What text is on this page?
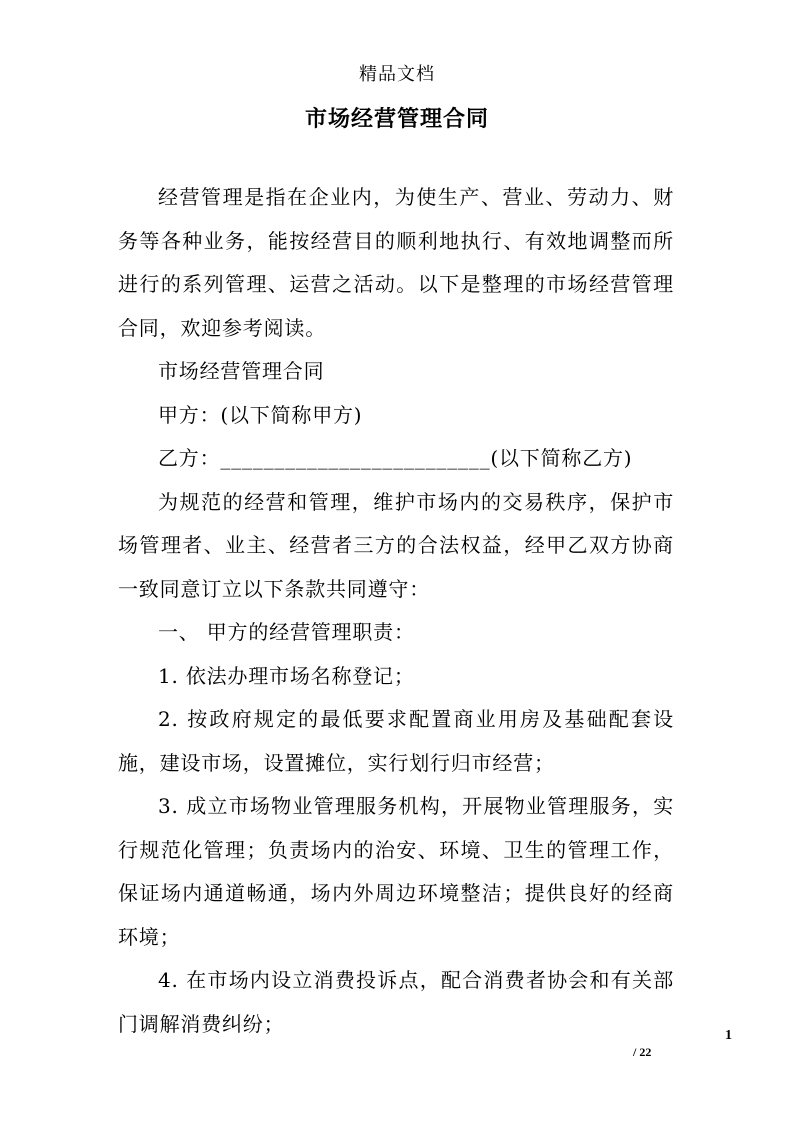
精品文档
市场经营管理合同

经营管理是指在企业内，为使生产、营业、劳动力、财务等各种业务，能按经营目的顺利地执行、有效地调整而所进行的系列管理、运营之活动。以下是整理的市场经营管理合同，欢迎参考阅读。

市场经营管理合同

甲方：(以下简称甲方)

乙方：_________________________(以下简称乙方)

为规范的经营和管理，维护市场内的交易秩序，保护市场管理者、业主、经营者三方的合法权益，经甲乙双方协商一致同意订立以下条款共同遵守：

一、 甲方的经营管理职责：

1. 依法办理市场名称登记；

2. 按政府规定的最低要求配置商业用房及基础配套设施，建设市场，设置摊位，实行划行归市经营；

3. 成立市场物业管理服务机构，开展物业管理服务，实行规范化管理；负责场内的治安、环境、卫生的管理工作，保证场内通道畅通，场内外周边环境整洁；提供良好的经商环境；

4. 在市场内设立消费投诉点，配合消费者协会和有关部门调解消费纠纷；	1
/ 22
